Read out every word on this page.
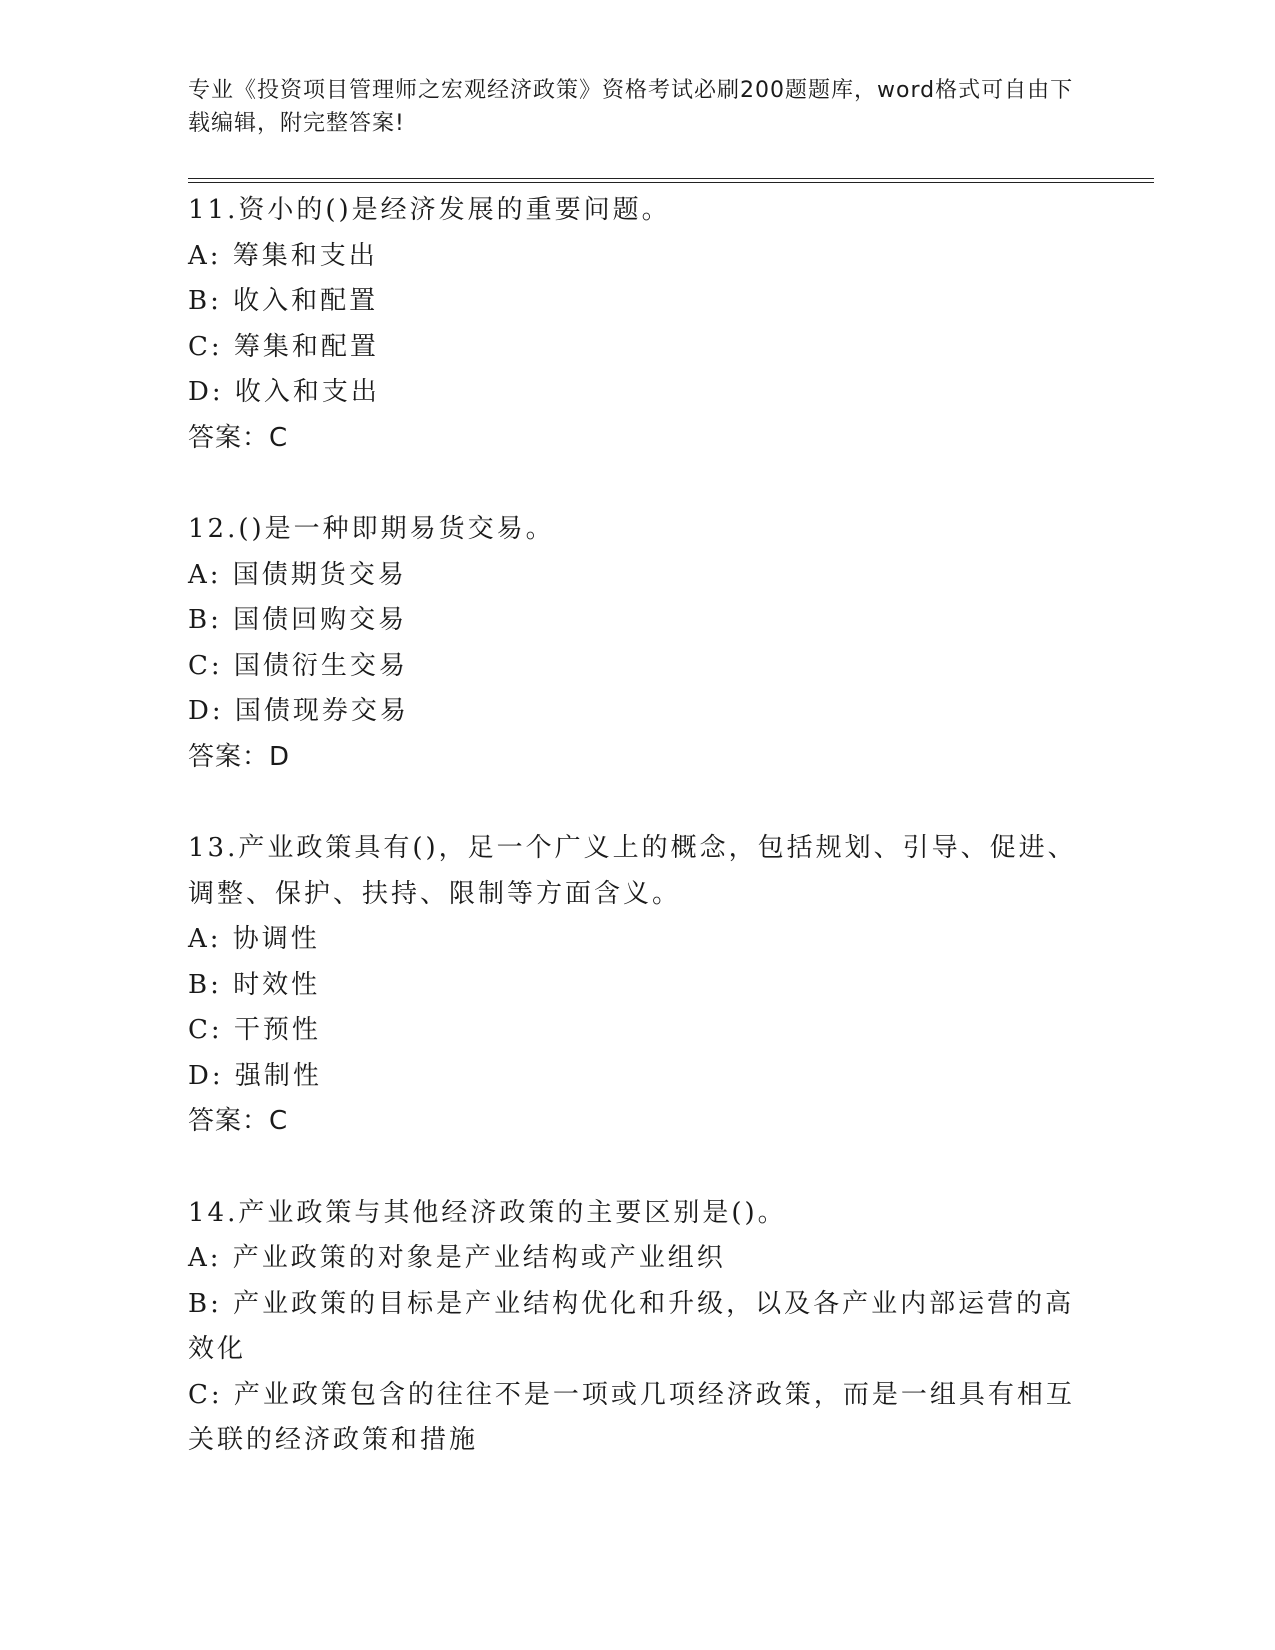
专业《投资项目管理师之宏观经济政策》资格考试必刷200题题库，word格式可自由下载编辑，附完整答案!
11.资小的()是经济发展的重要问题。
A: 筹集和支出
B: 收入和配置
C: 筹集和配置
D: 收入和支出
答案：C
12.()是一种即期易货交易。
A: 国债期货交易
B: 国债回购交易
C: 国债衍生交易
D: 国债现券交易
答案：D
13.产业政策具有()，足一个广义上的概念，包括规划、引导、促进、调整、保护、扶持、限制等方面含义。
A: 协调性
B: 时效性
C: 干预性
D: 强制性
答案：C
14.产业政策与其他经济政策的主要区别是()。
A: 产业政策的对象是产业结构或产业组织
B: 产业政策的目标是产业结构优化和升级，以及各产业内部运营的高效化
C: 产业政策包含的往往不是一项或几项经济政策，而是一组具有相互关联的经济政策和措施
